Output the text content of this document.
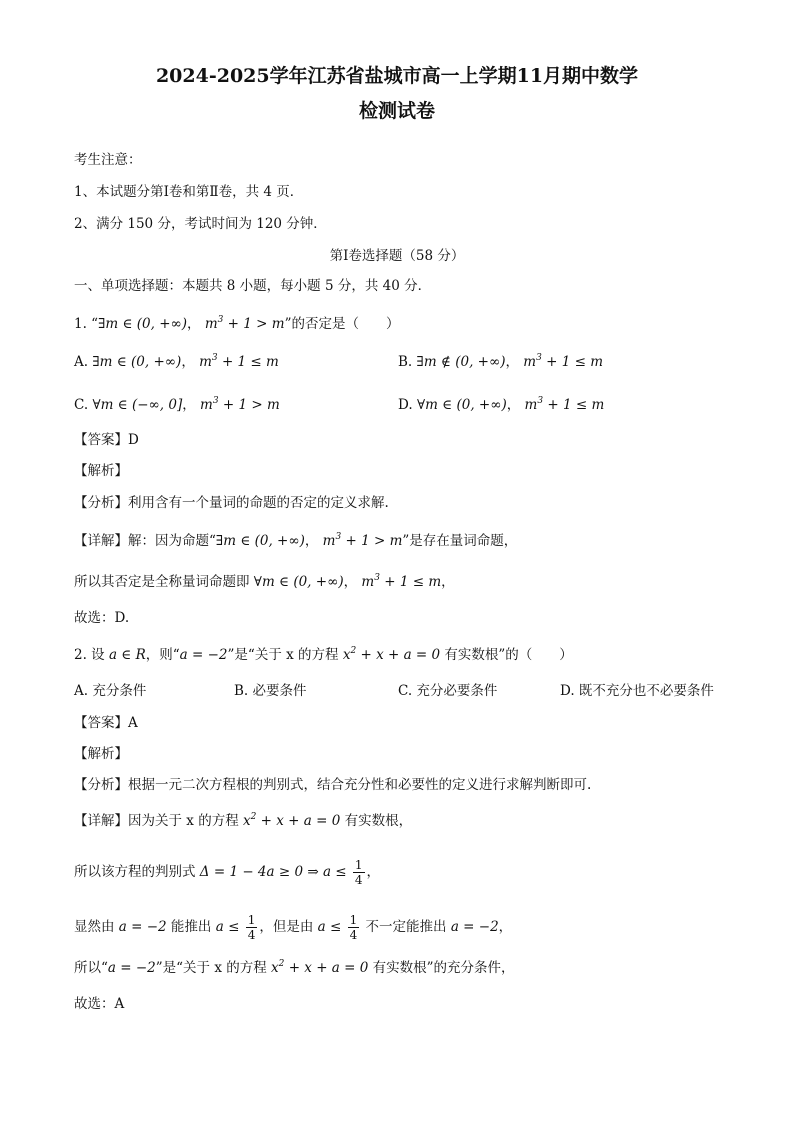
2024-2025学年江苏省盐城市高一上学期11月期中数学
检测试卷
考生注意：
1、本试题分第Ⅰ卷和第Ⅱ卷，共 4 页．
2、满分 150 分，考试时间为 120 分钟．
第Ⅰ卷选择题（58 分）
一、单项选择题：本题共 8 小题，每小题 5 分，共 40 分．
1. “∃m ∈ (0, +∞)， $m^3 + 1 > m$”的否定是（　　）
A. ∃m ∈ (0, +∞)， $m^3 + 1 \le m$	B. ∃m ∉ (0, +∞)， $m^3 + 1 \le m$
C. ∀m ∈ (−∞, 0]， $m^3 + 1 > m$	D. ∀m ∈ (0, +∞)， $m^3 + 1 \le m$
【答案】D
【解析】
【分析】利用含有一个量词的命题的否定的定义求解.
【详解】解：因为命题“∃m ∈ (0, +∞)， $m^3 + 1 > m$”是存在量词命题，
所以其否定是全称量词命题即 ∀m ∈ (0, +∞)， $m^3 + 1 \le m$，
故选：D.
2. 设 a ∈ R，则“a = −2”是“关于 x 的方程 $x^2 + x + a = 0$ 有实数根”的（　　）
A. 充分条件	B. 必要条件	C. 充分必要条件	D. 既不充分也不必要条件
【答案】A
【解析】
【分析】根据一元二次方程根的判别式，结合充分性和必要性的定义进行求解判断即可.
【详解】因为关于 x 的方程 $x^2 + x + a = 0$ 有实数根，
所以该方程的判别式 Δ = 1 − 4a ≥ 0 ⇒ $a \le \frac{1}{4}$ ，
显然由 a = −2 能推出 $a \le \frac{1}{4}$ ，但是由 $a \le \frac{1}{4}$ 不一定能推出 a = −2，
所以“a = −2”是“关于 x 的方程 $x^2 + x + a = 0$ 有实数根”的充分条件，
故选：A
